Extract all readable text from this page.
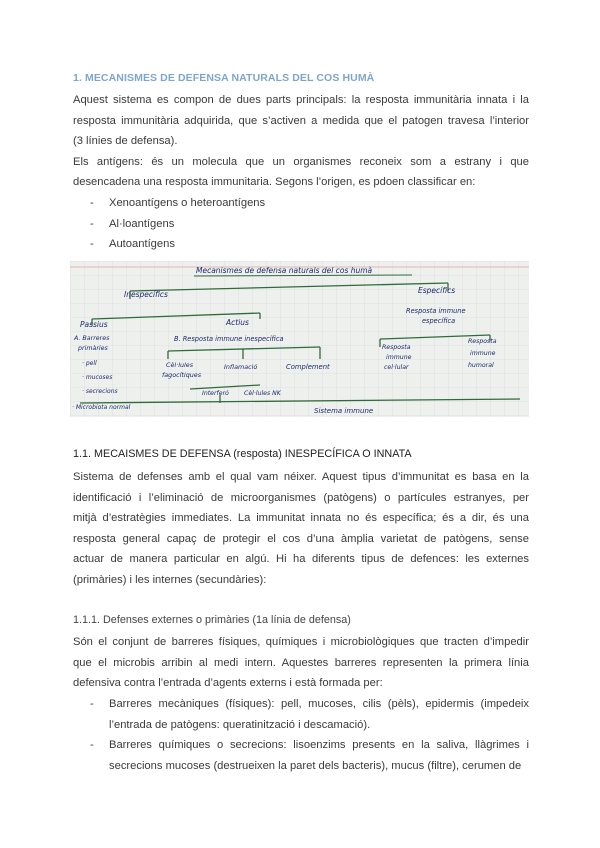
1. MECANISMES DE DEFENSA NATURALS DEL COS HUMÀ

Aquest sistema es compon de dues parts principals: la resposta immunitària innata i la

resposta immunitària adquirida, que s’activen a medida que el patogen travesa l’interior

(3 línies de defensa).

Els antígens: és un molecula que un organismes reconeix som a estrany i que

desencadena una resposta immunitaria. Segons l’origen, es pdoen classificar en:

- Xenoantígens o heteroantígens
- Al·loantígens
- Autoantígens
Mecanismes de defensa naturals del cos humà
Inespecífics	Específics
Passius	Actius
A. Barreres
primàries
· pell
· mucoses
· secrecions
· Microbiota normal
B. Resposta immune inespecífica
Cèl·lules
fagocítiques
Inflamació	Complement
Interferó Cèl·lules NK
Resposta immune
específica
Resposta
immune
cel·lular
Resposta
immune
humoral
Sistema immune
1.1. MECAISMES DE DEFENSA (resposta) INESPECÍFICA O INNATA

Sistema de defenses amb el qual vam néixer. Aquest tipus d’immunitat es basa en la

identificació i l’eliminació de microorganismes (patògens) o partícules estranyes, per

mitjà d’estratègies immediates. La immunitat innata no és específica; és a dir, és una

resposta general capaç de protegir el cos d’una àmplia varietat de patògens, sense

actuar de manera particular en algú. Hi ha diferents tipus de defences: les externes

(primàries) i les internes (secundàries):

1.1.1. Defenses externes o primàries (1a línia de defensa)

Són el conjunt de barreres físiques, químiques i microbiològiques que tracten d’impedir

que el microbis arribin al medi intern. Aquestes barreres representen la primera línia

defensiva contra l’entrada d’agents externs i està formada per:

- Barreres mecàniques (físiques): pell, mucoses, cilis (pèls), epidermis (impedeix l’entrada de patògens: queratinització i descamació).
- Barreres químiques o secrecions: lisoenzims presents en la saliva, llàgrimes i secrecions mucoses (destrueixen la paret dels bacteris), mucus (filtre), cerumen de
